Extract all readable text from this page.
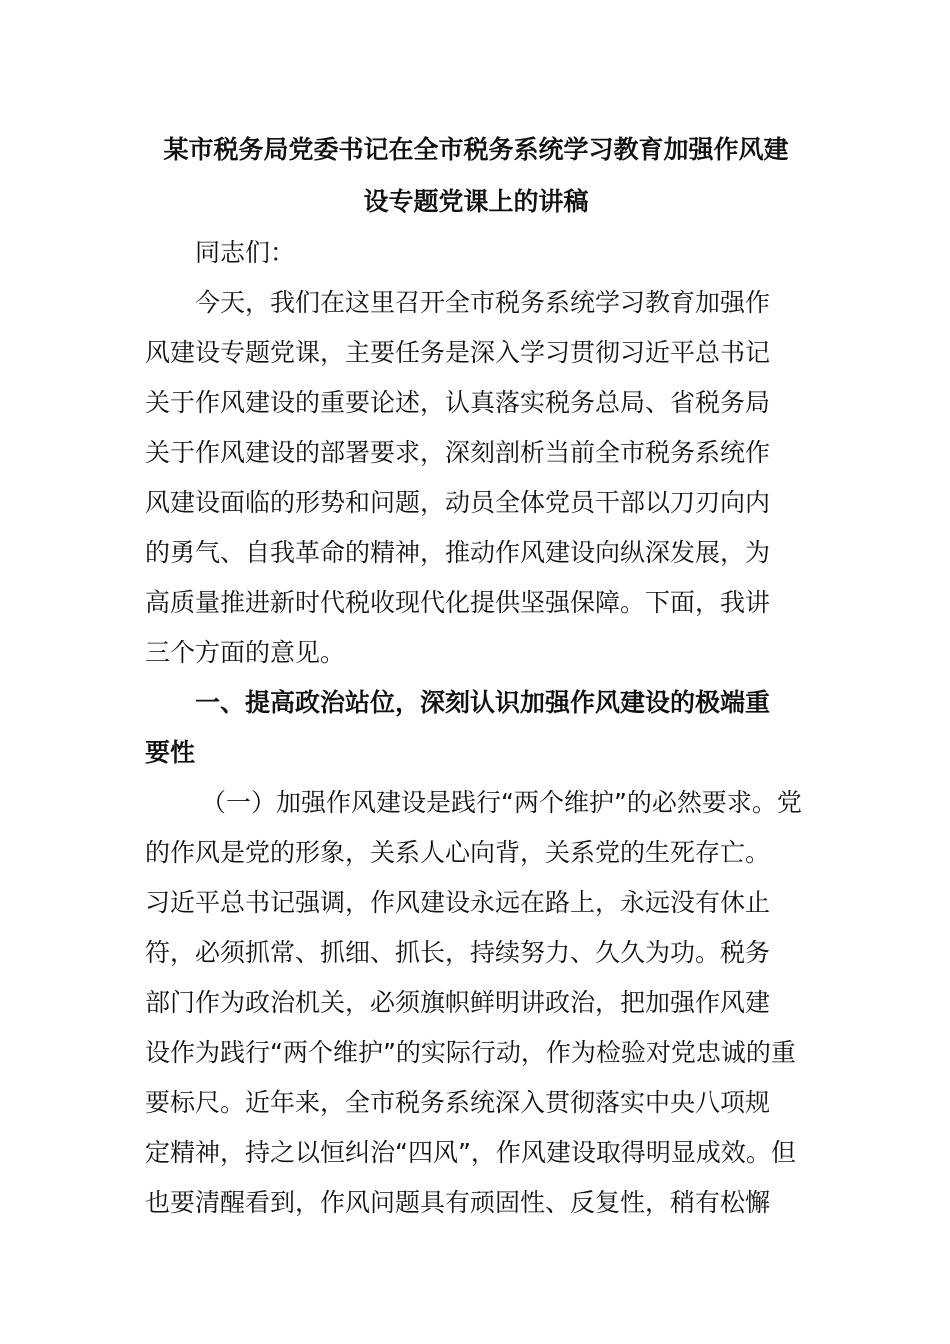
某市税务局党委书记在全市税务系统学习教育加强作风建
设专题党课上的讲稿

同志们：

今天，我们在这里召开全市税务系统学习教育加强作
风建设专题党课，主要任务是深入学习贯彻习近平总书记
关于作风建设的重要论述，认真落实税务总局、省税务局
关于作风建设的部署要求，深刻剖析当前全市税务系统作
风建设面临的形势和问题，动员全体党员干部以刀刃向内
的勇气、自我革命的精神，推动作风建设向纵深发展，为
高质量推进新时代税收现代化提供坚强保障。下面，我讲
三个方面的意见。

一、提高政治站位，深刻认识加强作风建设的极端重
要性

（一）加强作风建设是践行“两个维护”的必然要求。党
的作风是党的形象，关系人心向背，关系党的生死存亡。
习近平总书记强调，作风建设永远在路上，永远没有休止
符，必须抓常、抓细、抓长，持续努力、久久为功。税务
部门作为政治机关，必须旗帜鲜明讲政治，把加强作风建
设作为践行“两个维护”的实际行动，作为检验对党忠诚的重
要标尺。近年来，全市税务系统深入贯彻落实中央八项规
定精神，持之以恒纠治“四风”，作风建设取得明显成效。但
也要清醒看到，作风问题具有顽固性、反复性，稍有松懈
